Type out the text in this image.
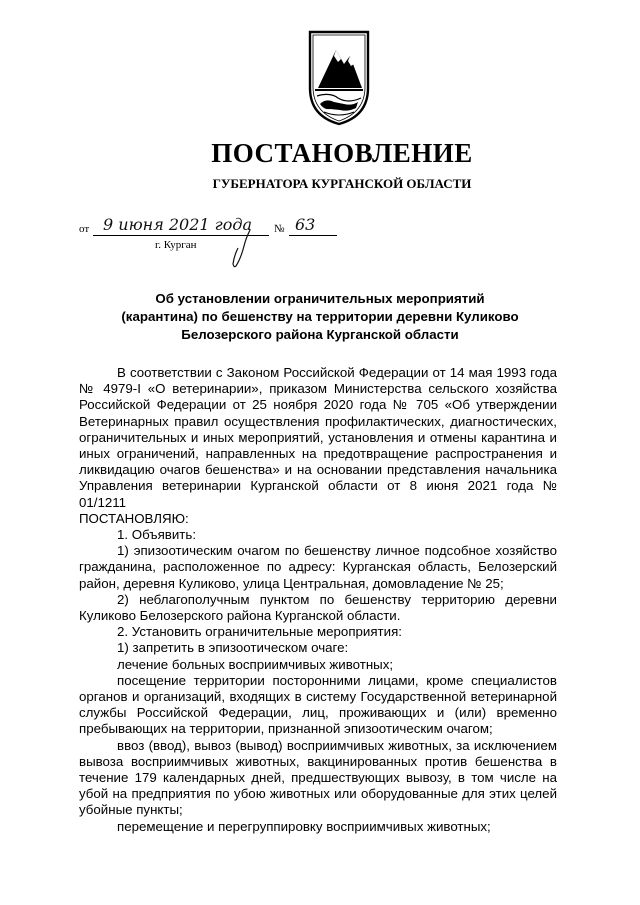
ПОСТАНОВЛЕНИЕ
ГУБЕРНАТОРА КУРГАНСКОЙ ОБЛАСТИ
от 9 июня 2021 года № 63
г. Курган
Об установлении ограничительных мероприятий
(карантина) по бешенству на территории деревни Куликово
Белозерского района Курганской области

В соответствии с Законом Российской Федерации от 14 мая 1993 года № 4979-I «О ветеринарии», приказом Министерства сельского хозяйства Российской Федерации от 25 ноября 2020 года № 705 «Об утверждении Ветеринарных правил осуществления профилактических, диагностических, ограничительных и иных мероприятий, установления и отмены карантина и иных ограничений, направленных на предотвращение распространения и ликвидацию очагов бешенства» и на основании представления начальника Управления ветеринарии Курганской области от 8 июня 2021 года № 01/1211

ПОСТАНОВЛЯЮ:

1. Объявить:

1) эпизоотическим очагом по бешенству личное подсобное хозяйство гражданина, расположенное по адресу: Курганская область, Белозерский район, деревня Куликово, улица Центральная, домовладение № 25;

2) неблагополучным пунктом по бешенству территорию деревни Куликово Белозерского района Курганской области.

2. Установить ограничительные мероприятия:

1) запретить в эпизоотическом очаге:

лечение больных восприимчивых животных;

посещение территории посторонними лицами, кроме специалистов органов и организаций, входящих в систему Государственной ветеринарной службы Российской Федерации, лиц, проживающих и (или) временно пребывающих на территории, признанной эпизоотическим очагом;

ввоз (ввод), вывоз (вывод) восприимчивых животных, за исключением вывоза восприимчивых животных, вакцинированных против бешенства в течение 179 календарных дней, предшествующих вывозу, в том числе на убой на предприятия по убою животных или оборудованные для этих целей убойные пункты;

перемещение и перегруппировку восприимчивых животных;
